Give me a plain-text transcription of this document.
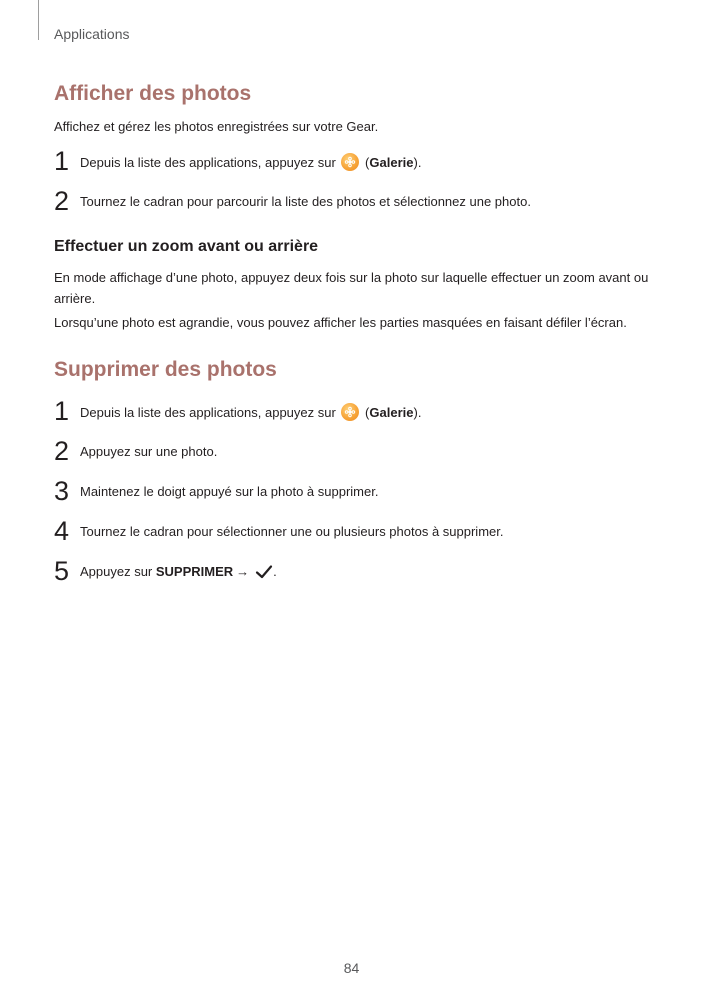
Applications
Afficher des photos

Affichez et gérez les photos enregistrées sur votre Gear.

1 Depuis la liste des applications, appuyez sur
(Galerie).
2 Tournez le cadran pour parcourir la liste des photos et sélectionnez une photo.
Effectuer un zoom avant ou arrière

En mode affichage d’une photo, appuyez deux fois sur la photo sur laquelle effectuer un zoom avant ou arrière.

Lorsqu’une photo est agrandie, vous pouvez afficher les parties masquées en faisant défiler l’écran.

Supprimer des photos
1 Depuis la liste des applications, appuyez sur
(Galerie).
2 Appuyez sur une photo.
3 Maintenez le doigt appuyé sur la photo à supprimer.
4 Tournez le cadran pour sélectionner une ou plusieurs photos à supprimer.
5 Appuyez sur SUPPRIMER → .
84
